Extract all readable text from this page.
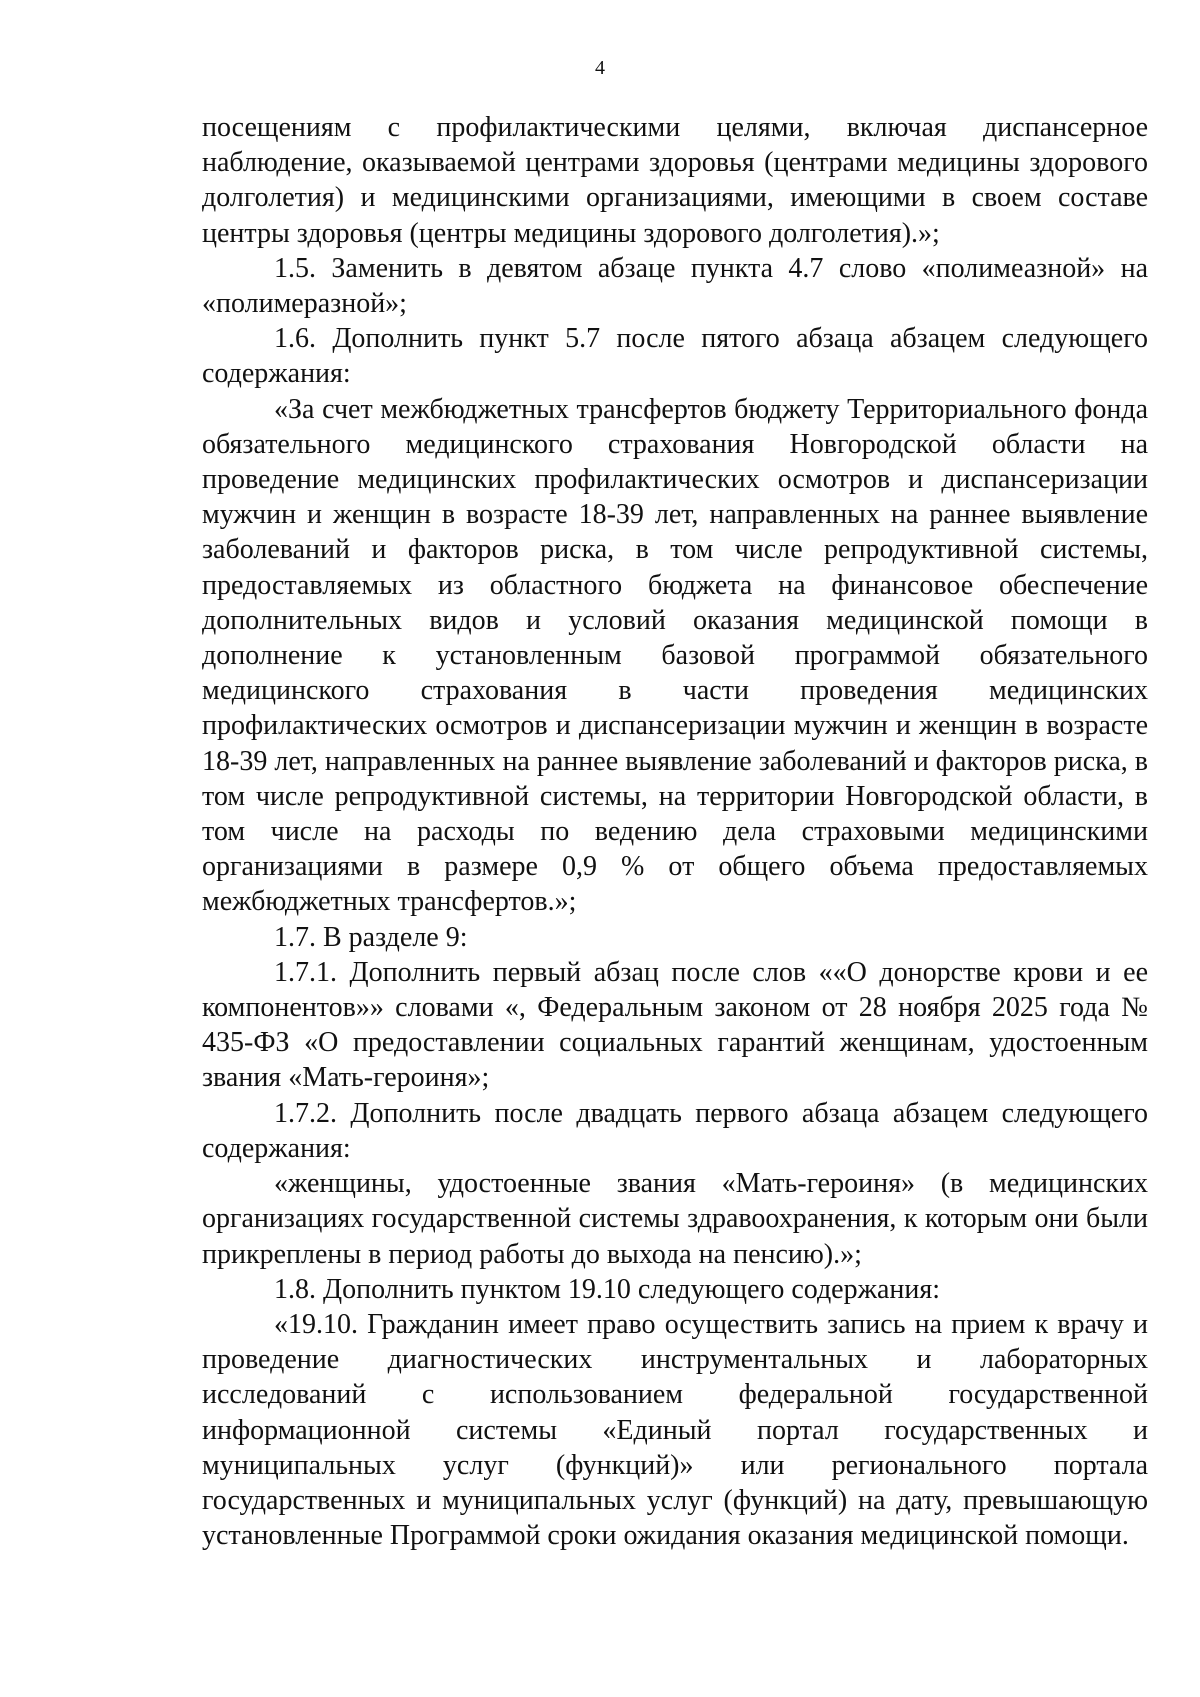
4

посещениям с профилактическими целями, включая диспансерное наблюдение, оказываемой центрами здоровья (центрами медицины здорового долголетия) и медицинскими организациями, имеющими в своем составе центры здоровья (центры медицины здорового долголетия).»;

1.5. Заменить в девятом абзаце пункта 4.7 слово «полимеазной» на «полимеразной»;

1.6. Дополнить пункт 5.7 после пятого абзаца абзацем следующего содержания:

«За счет межбюджетных трансфертов бюджету Территориального фонда обязательного медицинского страхования Новгородской области на проведение медицинских профилактических осмотров и диспансеризации мужчин и женщин в возрасте 18-39 лет, направленных на раннее выявление заболеваний и факторов риска, в том числе репродуктивной системы, предоставляемых из областного бюджета на финансовое обеспечение дополнительных видов и условий оказания медицинской помощи в дополнение к установленным базовой программой обязательного медицинского страхования в части проведения медицинских профилактических осмотров и диспансеризации мужчин и женщин в возрасте 18-39 лет, направленных на раннее выявление заболеваний и факторов риска, в том числе репродуктивной системы, на территории Новгородской области, в том числе на расходы по ведению дела страховыми медицинскими организациями в размере 0,9 % от общего объема предоставляемых межбюджетных трансфертов.»;

1.7. В разделе 9:

1.7.1. Дополнить первый абзац после слов ««О донорстве крови и ее компонентов»» словами «, Федеральным законом от 28 ноября 2025 года № 435-ФЗ «О предоставлении социальных гарантий женщинам, удостоенным звания «Мать-героиня»;

1.7.2. Дополнить после двадцать первого абзаца абзацем следующего содержания:

«женщины, удостоенные звания «Мать-героиня» (в медицинских организациях государственной системы здравоохранения, к которым они были прикреплены в период работы до выхода на пенсию).»;

1.8. Дополнить пунктом 19.10 следующего содержания:

«19.10. Гражданин имеет право осуществить запись на прием к врачу и проведение диагностических инструментальных и лабораторных исследований с использованием федеральной государственной информационной системы «Единый портал государственных и муниципальных услуг (функций)» или регионального портала государственных и муниципальных услуг (функций) на дату, превышающую установленные Программой сроки ожидания оказания медицинской помощи.
